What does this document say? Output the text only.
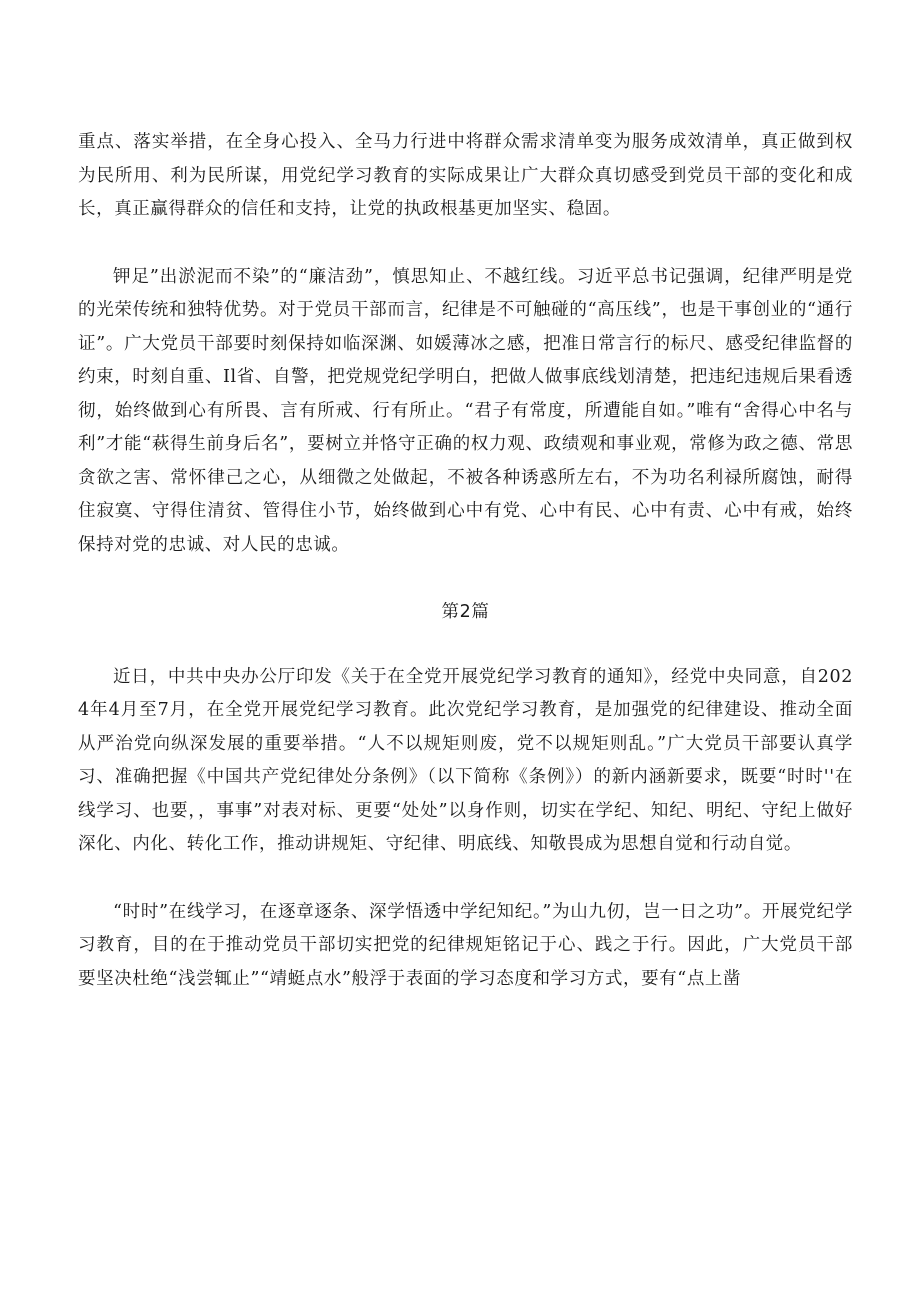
重点、落实举措，在全身心投入、全马力行进中将群众需求清单变为服务成效清单，真正做到权为民所用、利为民所谋，用党纪学习教育的实际成果让广大群众真切感受到党员干部的变化和成长，真正赢得群众的信任和支持，让党的执政根基更加坚实、稳固。

钾足”出淤泥而不染”的“廉洁劲”，慎思知止、不越红线。习近平总书记强调，纪律严明是党的光荣传统和独特优势。对于党员干部而言，纪律是不可触碰的“高压线”，也是干事创业的“通行证”。广大党员干部要时刻保持如临深渊、如媛薄冰之感，把准日常言行的标尺、感受纪律监督的约束，时刻自重、Il省、自警，把党规党纪学明白，把做人做事底线划清楚，把违纪违规后果看透彻，始终做到心有所畏、言有所戒、行有所止。“君子有常度，所遭能自如。”唯有“舍得心中名与利”才能“萩得生前身后名”，要树立并恪守正确的权力观、政绩观和事业观，常修为政之德、常思贪欲之害、常怀律己之心，从细微之处做起，不被各种诱惑所左右，不为功名利禄所腐蚀，耐得住寂寞、守得住清贫、管得住小节，始终做到心中有党、心中有民、心中有责、心中有戒，始终保持对党的忠诚、对人民的忠诚。

第2篇

近日，中共中央办公厅印发《关于在全党开展党纪学习教育的通知》，经党中央同意，自2024年4月至7月，在全党开展党纪学习教育。此次党纪学习教育，是加强党的纪律建设、推动全面从严治党向纵深发展的重要举措。“人不以规矩则废，党不以规矩则乱。”广大党员干部要认真学习、准确把握《中国共产党纪律处分条例》（以下简称《条例》）的新内涵新要求，既要“时时''在线学习、也要，，事事”对表对标、更要“处处”以身作则，切实在学纪、知纪、明纪、守纪上做好深化、内化、转化工作，推动讲规矩、守纪律、明底线、知敬畏成为思想自觉和行动自觉。

“时时”在线学习，在逐章逐条、深学悟透中学纪知纪。”为山九仞，岂一日之功”。开展党纪学习教育，目的在于推动党员干部切实把党的纪律规矩铭记于心、践之于行。因此，广大党员干部要坚决杜绝“浅尝辄止”“靖蜓点水”般浮于表面的学习态度和学习方式，要有“点上凿
